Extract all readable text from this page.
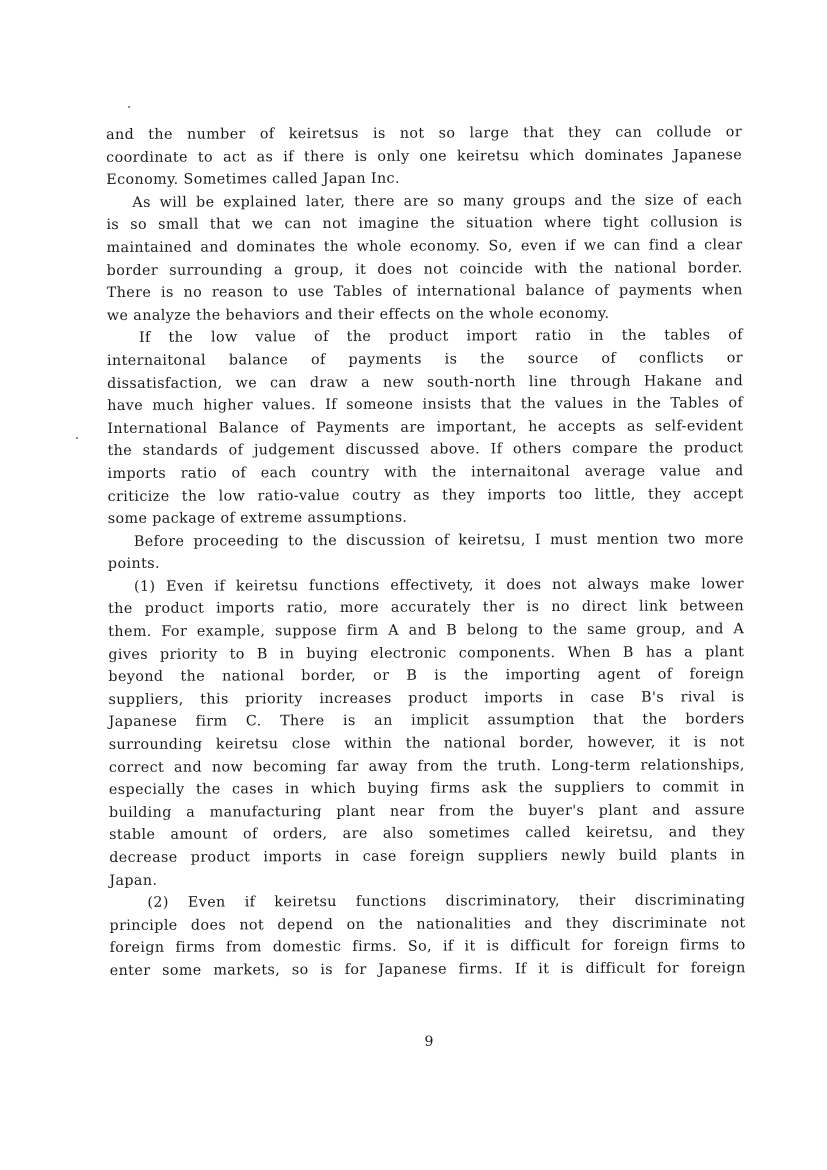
and the number of keiretsus is not so large that they can collude or
coordinate to act as if there is only one keiretsu which dominates Japanese
Economy. Sometimes called Japan Inc.
As will be explained later, there are so many groups and the size of each
is so small that we can not imagine the situation where tight collusion is
maintained and dominates the whole economy. So, even if we can find a clear
border surrounding a group, it does not coincide with the national border.
There is no reason to use Tables of international balance of payments when
we analyze the behaviors and their effects on the whole economy.
If the low value of the product import ratio in the tables of
internaitonal balance of payments is the source of conflicts or
dissatisfaction, we can draw a new south-north line through Hakane and
have much higher values. If someone insists that the values in the Tables of
International Balance of Payments are important, he accepts as self-evident
the standards of judgement discussed above. If others compare the product
imports ratio of each country with the internaitonal average value and
criticize the low ratio-value coutry as they imports too little, they accept
some package of extreme assumptions.
Before proceeding to the discussion of keiretsu, I must mention two more
points.
(1) Even if keiretsu functions effectivety, it does not always make lower
the product imports ratio, more accurately ther is no direct link between
them. For example, suppose firm A and B belong to the same group, and A
gives priority to B in buying electronic components. When B has a plant
beyond the national border, or B is the importing agent of foreign
suppliers, this priority increases product imports in case B's rival is
Japanese firm C. There is an implicit assumption that the borders
surrounding keiretsu close within the national border, however, it is not
correct and now becoming far away from the truth. Long-term relationships,
especially the cases in which buying firms ask the suppliers to commit in
building a manufacturing plant near from the buyer's plant and assure
stable amount of orders, are also sometimes called keiretsu, and they
decrease product imports in case foreign suppliers newly build plants in
Japan.
(2) Even if keiretsu functions discriminatory, their discriminating
principle does not depend on the nationalities and they discriminate not
foreign firms from domestic firms. So, if it is difficult for foreign firms to
enter some markets, so is for Japanese firms. If it is difficult for foreign
9
